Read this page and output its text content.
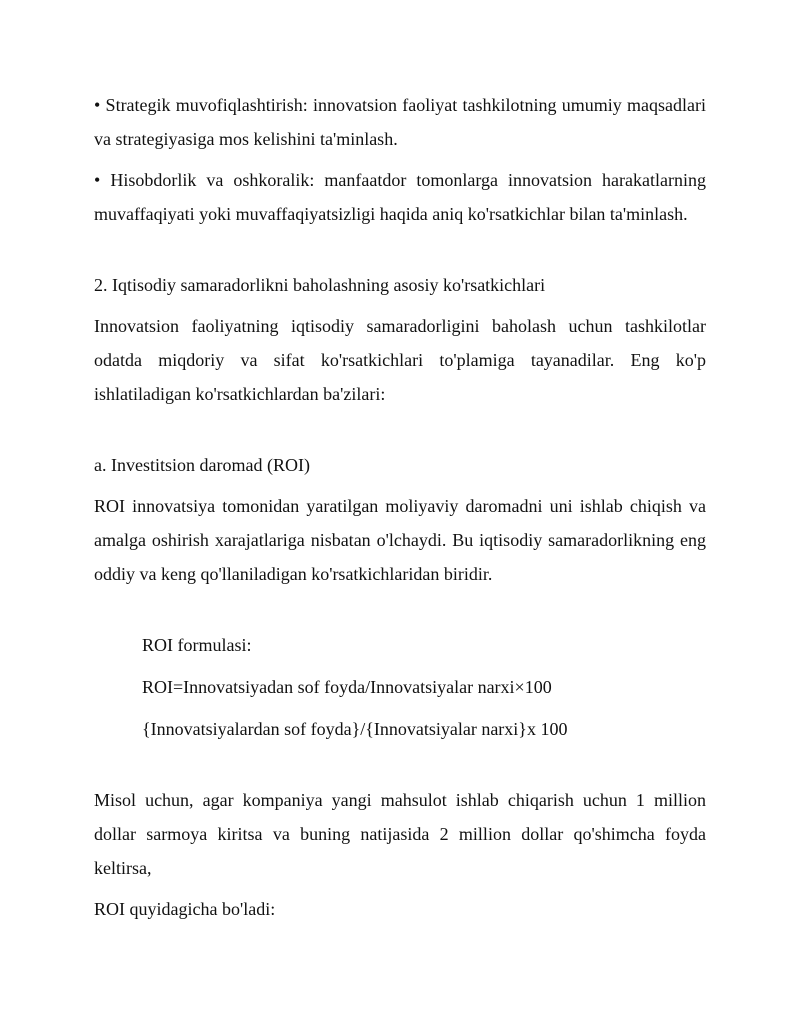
• Strategik muvofiqlashtirish: innovatsion faoliyat tashkilotning umumiy maqsadlari va strategiyasiga mos kelishini ta'minlash.

• Hisobdorlik va oshkoralik: manfaatdor tomonlarga innovatsion harakatlarning muvaffaqiyati yoki muvaffaqiyatsizligi haqida aniq ko'rsatkichlar bilan ta'minlash.

2. Iqtisodiy samaradorlikni baholashning asosiy ko'rsatkichlari

Innovatsion faoliyatning iqtisodiy samaradorligini baholash uchun tashkilotlar odatda miqdoriy va sifat ko'rsatkichlari to'plamiga tayanadilar. Eng ko'p ishlatiladigan ko'rsatkichlardan ba'zilari:

a. Investitsion daromad (ROI)

ROI innovatsiya tomonidan yaratilgan moliyaviy daromadni uni ishlab chiqish va amalga oshirish xarajatlariga nisbatan o'lchaydi. Bu iqtisodiy samaradorlikning eng oddiy va keng qo'llaniladigan ko'rsatkichlaridan biridir.

ROI formulasi:

ROI=Innovatsiyadan sof foyda/Innovatsiyalar narxi×100

{Innovatsiyalardan sof foyda}/{Innovatsiyalar narxi}x 100

Misol uchun, agar kompaniya yangi mahsulot ishlab chiqarish uchun 1 million dollar sarmoya kiritsa va buning natijasida 2 million dollar qo'shimcha foyda keltirsa,

ROI quyidagicha bo'ladi:
